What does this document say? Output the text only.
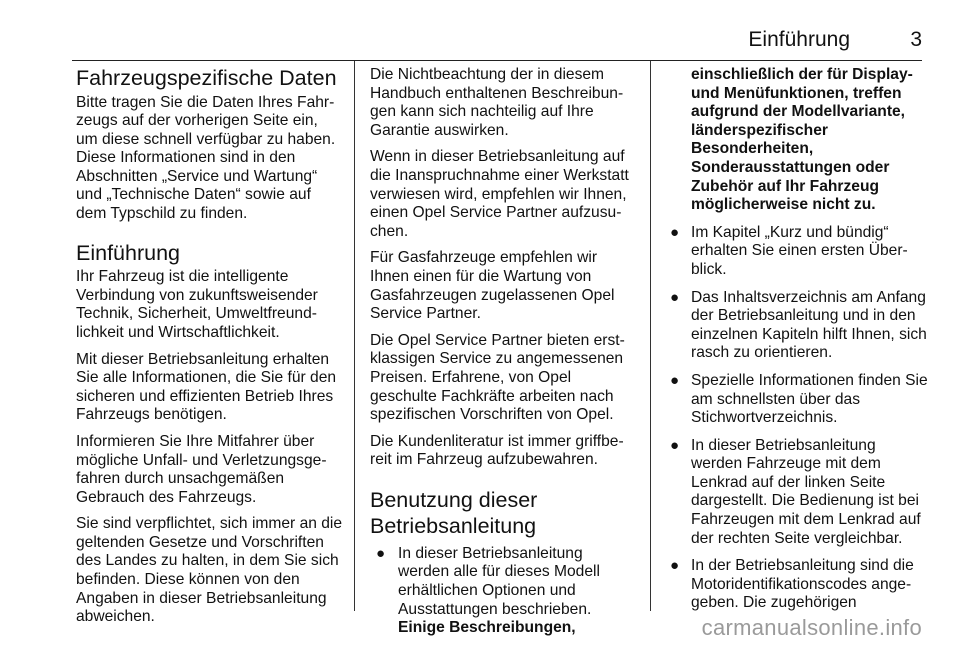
Einführung	3
Fahrzeugspezifische Daten

Bitte tragen Sie die Daten Ihres Fahrzeugs auf der vorherigen Seite ein, um diese schnell verfügbar zu haben. Diese Informationen sind in den Abschnitten „Service und Wartung“ und „Technische Daten“ sowie auf dem Typschild zu finden.

Einführung

Ihr Fahrzeug ist die intelligente Verbindung von zukunftsweisender Technik, Sicherheit, Umweltfreundlichkeit und Wirtschaftlichkeit.

Mit dieser Betriebsanleitung erhalten Sie alle Informationen, die Sie für den sicheren und effizienten Betrieb Ihres Fahrzeugs benötigen.

Informieren Sie Ihre Mitfahrer über mögliche Unfall- und Verletzungsgefahren durch unsachgemäßen Gebrauch des Fahrzeugs.

Sie sind verpflichtet, sich immer an die geltenden Gesetze und Vorschriften des Landes zu halten, in dem Sie sich befinden. Diese können von den Angaben in dieser Betriebsanleitung abweichen.

Die Nichtbeachtung der in diesem Handbuch enthaltenen Beschreibungen kann sich nachteilig auf Ihre Garantie auswirken.

Wenn in dieser Betriebsanleitung auf die Inanspruchnahme einer Werkstatt verwiesen wird, empfehlen wir Ihnen, einen Opel Service Partner aufzusuchen.

Für Gasfahrzeuge empfehlen wir Ihnen einen für die Wartung von Gasfahrzeugen zugelassenen Opel Service Partner.

Die Opel Service Partner bieten erstklassigen Service zu angemessenen Preisen. Erfahrene, von Opel geschulte Fachkräfte arbeiten nach spezifischen Vorschriften von Opel.

Die Kundenliteratur ist immer griffbereit im Fahrzeug aufzubewahren.

Benutzung dieser Betriebsanleitung
● In dieser Betriebsanleitung werden alle für dieses Modell erhältlichen Optionen und Ausstattungen beschrieben. Einige Beschreibungen,
einschließlich der für Display- und Menüfunktionen, treffen aufgrund der Modellvariante, länderspezifischer Besonderheiten, Sonderausstattungen oder Zubehör auf Ihr Fahrzeug möglicherweise nicht zu.
● Im Kapitel „Kurz und bündig“ erhalten Sie einen ersten Überblick.
● Das Inhaltsverzeichnis am Anfang der Betriebsanleitung und in den einzelnen Kapiteln hilft Ihnen, sich rasch zu orientieren.
● Spezielle Informationen finden Sie am schnellsten über das Stichwortverzeichnis.
● In dieser Betriebsanleitung werden Fahrzeuge mit dem Lenkrad auf der linken Seite dargestellt. Die Bedienung ist bei Fahrzeugen mit dem Lenkrad auf der rechten Seite vergleichbar.
● In der Betriebsanleitung sind die Motoridentifikationscodes angegeben. Die zugehörigen
carmanualsonline.info
